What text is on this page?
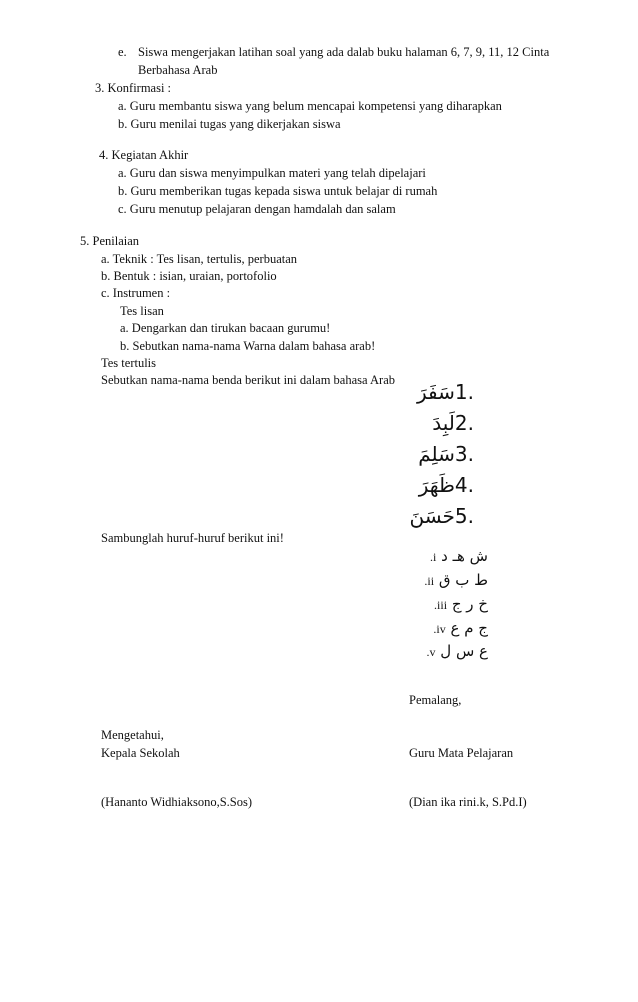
e. Siswa mengerjakan latihan soal yang ada dalab buku halaman 6, 7, 9, 11, 12 Cinta
Berbahasa Arab
3. Konfirmasi :
a. Guru membantu siswa yang belum mencapai kompetensi yang diharapkan
b. Guru menilai tugas yang dikerjakan siswa
4. Kegiatan Akhir
a. Guru dan siswa menyimpulkan materi yang telah dipelajari
b. Guru memberikan tugas kepada siswa untuk belajar di rumah
c. Guru menutup pelajaran dengan hamdalah dan salam
5. Penilaian
a. Teknik : Tes lisan, tertulis, perbuatan
b. Bentuk : isian, uraian, portofolio
c. Instrumen :
Tes lisan
a. Dengarkan dan tirukan bacaan gurumu!
b. Sebutkan nama-nama Warna dalam bahasa arab!
Tes tertulis
Sebutkan nama-nama benda berikut ini dalam bahasa Arab	.1سَفَرَ
.2لَبِدَ
.3سَلِمَ
.4ظَهَرَ
.5حَسَنَ
Sambunglah huruf-huruf berikut ini!
.i ش هـ د
.ii ط ب ق
.iii خ ر ج
.iv ج م ع
.v ع س ل
Pemalang,
Mengetahui,
Kepala Sekolah	Guru Mata Pelajaran
(Hananto Widhiaksono,S.Sos)	(Dian ika rini.k, S.Pd.I)
